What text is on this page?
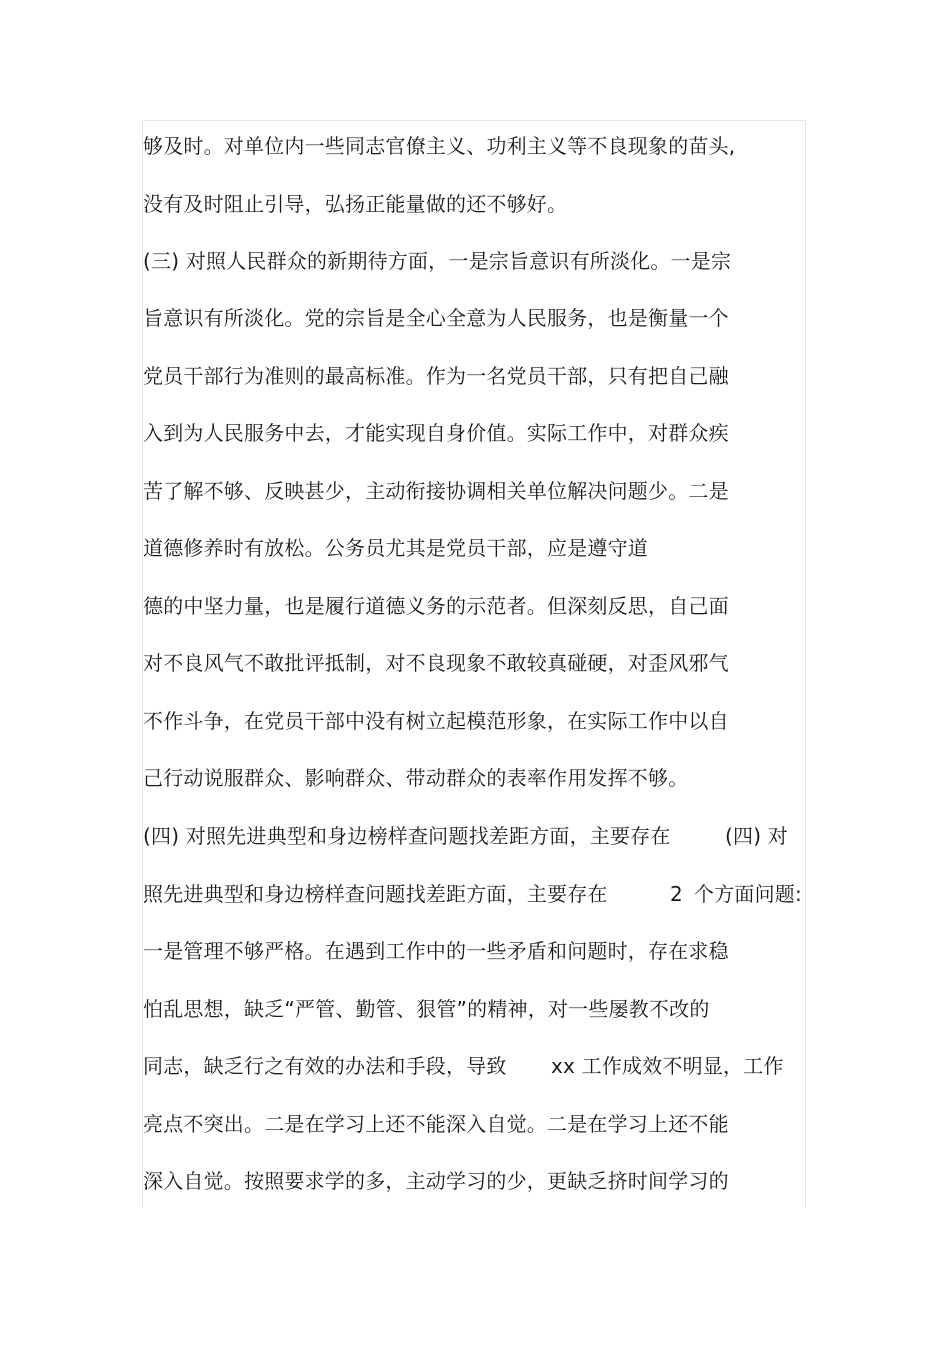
够及时。对单位内一些同志官僚主义、功利主义等不良现象的苗头,
没有及时阻止引导，弘扬正能量做的还不够好。
(三) 对照人民群众的新期待方面，一是宗旨意识有所淡化。一是宗
旨意识有所淡化。党的宗旨是全心全意为人民服务，也是衡量一个
党员干部行为准则的最高标准。作为一名党员干部，只有把自己融
入到为人民服务中去，才能实现自身价值。实际工作中，对群众疾
苦了解不够、反映甚少，主动衔接协调相关单位解决问题少。二是
道德修养时有放松。公务员尤其是党员干部，应是遵守道
德的中坚力量，也是履行道德义务的示范者。但深刻反思，自己面
对不良风气不敢批评抵制，对不良现象不敢较真碰硬，对歪风邪气
不作斗争，在党员干部中没有树立起模范形象，在实际工作中以自
己行动说服群众、影响群众、带动群众的表率作用发挥不够。
(四) 对照先进典型和身边榜样查问题找差距方面，主要存在	(四) 对
照先进典型和身边榜样查问题找差距方面，主要存在	2 个方面问题:
一是管理不够严格。在遇到工作中的一些矛盾和问题时，存在求稳
怕乱思想，缺乏“严管、勤管、狠管”的精神，对一些屡教不改的
同志，缺乏行之有效的办法和手段，导致 xx 工作成效不明显，工作
亮点不突出。二是在学习上还不能深入自觉。二是在学习上还不能
深入自觉。按照要求学的多，主动学习的少，更缺乏挤时间学习的
